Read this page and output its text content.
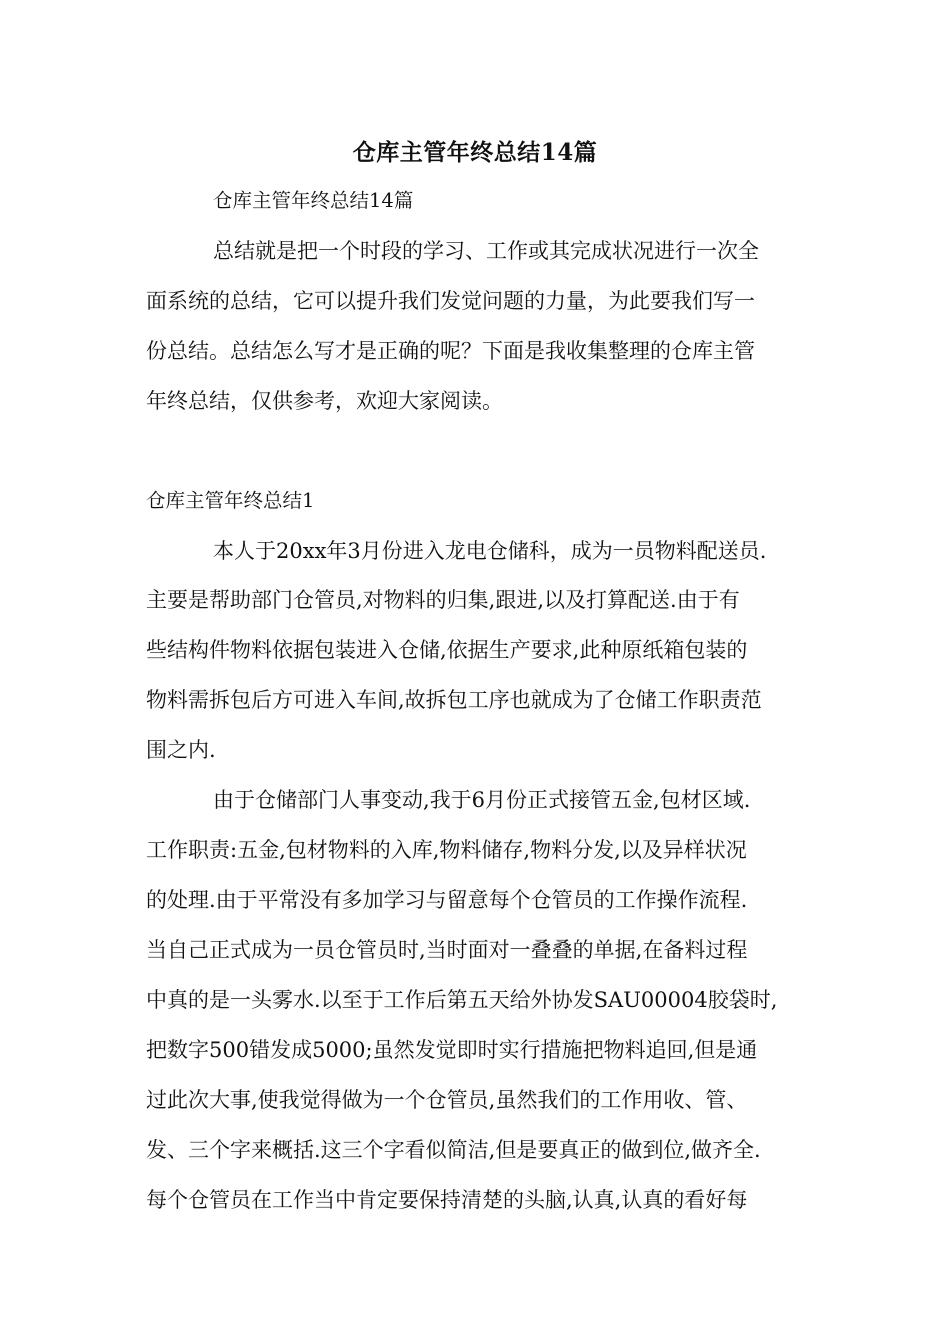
仓库主管年终总结14篇
仓库主管年终总结14篇
总结就是把一个时段的学习、工作或其完成状况进行一次全
面系统的总结，它可以提升我们发觉问题的力量，为此要我们写一
份总结。总结怎么写才是正确的呢？下面是我收集整理的仓库主管
年终总结，仅供参考，欢迎大家阅读。
仓库主管年终总结1
本人于20xx年3月份进入龙电仓储科，成为一员物料配送员.
主要是帮助部门仓管员,对物料的归集,跟进,以及打算配送.由于有
些结构件物料依据包装进入仓储,依据生产要求,此种原纸箱包装的
物料需拆包后方可进入车间,故拆包工序也就成为了仓储工作职责范
围之内.
由于仓储部门人事变动,我于6月份正式接管五金,包材区域.
工作职责:五金,包材物料的入库,物料储存,物料分发,以及异样状况
的处理.由于平常没有多加学习与留意每个仓管员的工作操作流程.
当自己正式成为一员仓管员时,当时面对一叠叠的单据,在备料过程
中真的是一头雾水.以至于工作后第五天给外协发SAU00004胶袋时,
把数字500错发成5000;虽然发觉即时实行措施把物料追回,但是通
过此次大事,使我觉得做为一个仓管员,虽然我们的工作用收、管、
发、三个字来概括.这三个字看似简洁,但是要真正的做到位,做齐全.
每个仓管员在工作当中肯定要保持清楚的头脑,认真,认真的看好每
